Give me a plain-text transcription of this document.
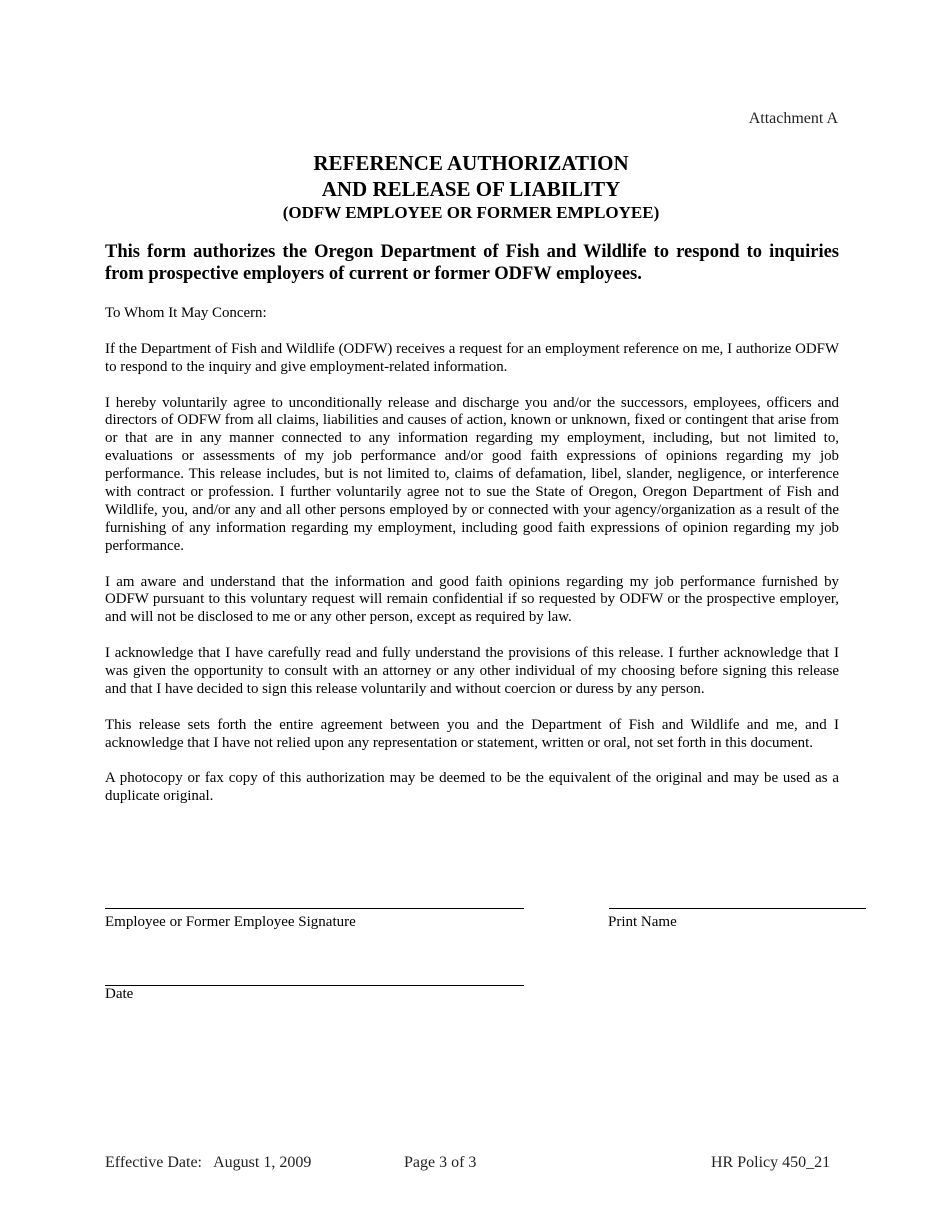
Attachment A
REFERENCE AUTHORIZATION
AND RELEASE OF LIABILITY
(ODFW EMPLOYEE OR FORMER EMPLOYEE)

This form authorizes the Oregon Department of Fish and Wildlife to respond to inquiries from prospective employers of current or former ODFW employees.

To Whom It May Concern:

If the Department of Fish and Wildlife (ODFW) receives a request for an employment reference on me, I authorize ODFW to respond to the inquiry and give employment-related information.

I hereby voluntarily agree to unconditionally release and discharge you and/or the successors, employees, officers and directors of ODFW from all claims, liabilities and causes of action, known or unknown, fixed or contingent that arise from or that are in any manner connected to any information regarding my employment, including, but not limited to, evaluations or assessments of my job performance and/or good faith expressions of opinions regarding my job performance. This release includes, but is not limited to, claims of defamation, libel, slander, negligence, or interference with contract or profession. I further voluntarily agree not to sue the State of Oregon, Oregon Department of Fish and Wildlife, you, and/or any and all other persons employed by or connected with your agency/organization as a result of the furnishing of any information regarding my employment, including good faith expressions of opinion regarding my job performance.

I am aware and understand that the information and good faith opinions regarding my job performance furnished by ODFW pursuant to this voluntary request will remain confidential if so requested by ODFW or the prospective employer, and will not be disclosed to me or any other person, except as required by law.

I acknowledge that I have carefully read and fully understand the provisions of this release. I further acknowledge that I was given the opportunity to consult with an attorney or any other individual of my choosing before signing this release and that I have decided to sign this release voluntarily and without coercion or duress by any person.

This release sets forth the entire agreement between you and the Department of Fish and Wildlife and me, and I acknowledge that I have not relied upon any representation or statement, written or oral, not set forth in this document.

A photocopy or fax copy of this authorization may be deemed to be the equivalent of the original and may be used as a duplicate original.

Employee or Former Employee Signature	Print Name
Date
Effective Date:   August 1, 2009	Page 3 of 3	HR Policy 450_21
